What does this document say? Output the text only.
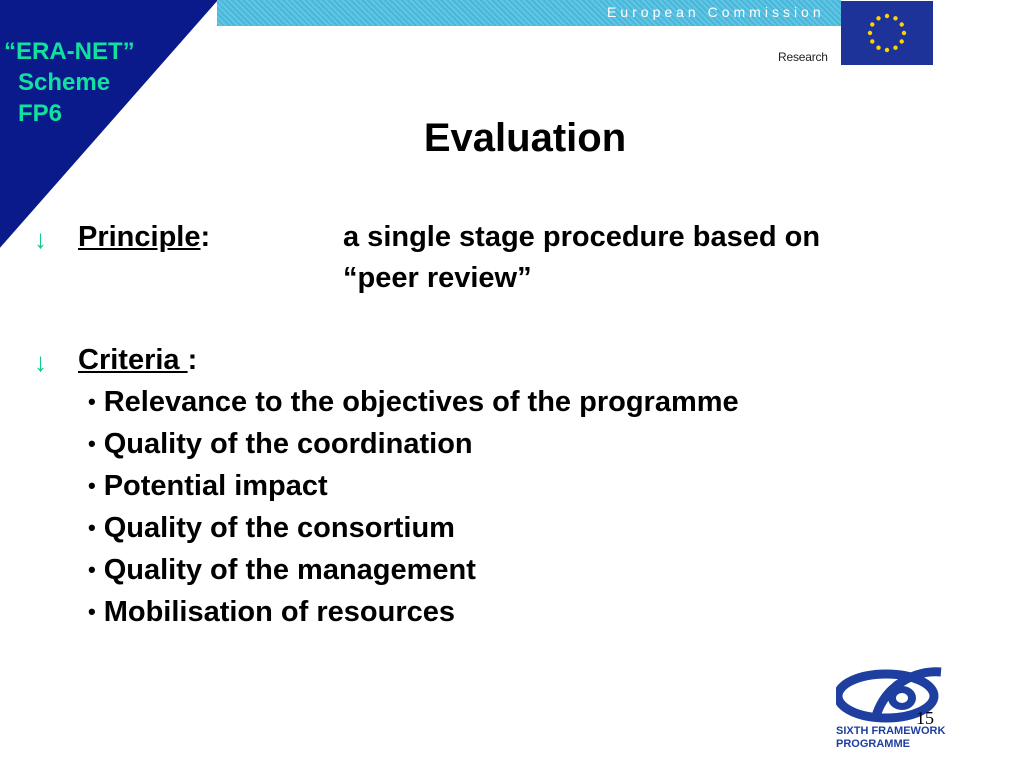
“ERA-NET”
Scheme
FP6
European Commission
Research
Evaluation
↓ Principle:	a single stage procedure based on
“peer review”
↓ Criteria :
• Relevance to the objectives of the programme
• Quality of the coordination
• Potential impact
• Quality of the consortium
• Quality of the management
• Mobilisation of resources
15
SIXTH FRAMEWORK
PROGRAMME
